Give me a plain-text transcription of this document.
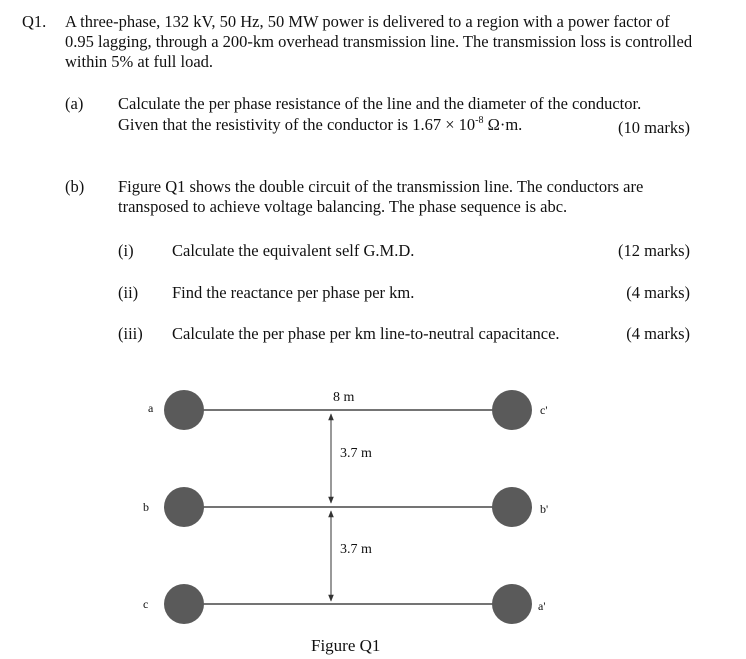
Q1. A three-phase, 132 kV, 50 Hz, 50 MW power is delivered to a region with a power factor of 0.95 lagging, through a 200-km overhead transmission line. The transmission loss is controlled within 5% at full load.
(a) Calculate the per phase resistance of the line and the diameter of the conductor.
Given that the resistivity of the conductor is $1.67 \times 10^{-8}$ Ω·m.	(10 marks)
(b) Figure Q1 shows the double circuit of the transmission line. The conductors are transposed to achieve voltage balancing. The phase sequence is abc.
(i) Calculate the equivalent self G.M.D.	(12 marks)
(ii) Find the reactance per phase per km.	(4 marks)
(iii) Calculate the per phase per km line-to-neutral capacitance.	(4 marks)
a
b
c
c'
b'
a'
8 m
3.7 m
3.7 m
Figure Q1
